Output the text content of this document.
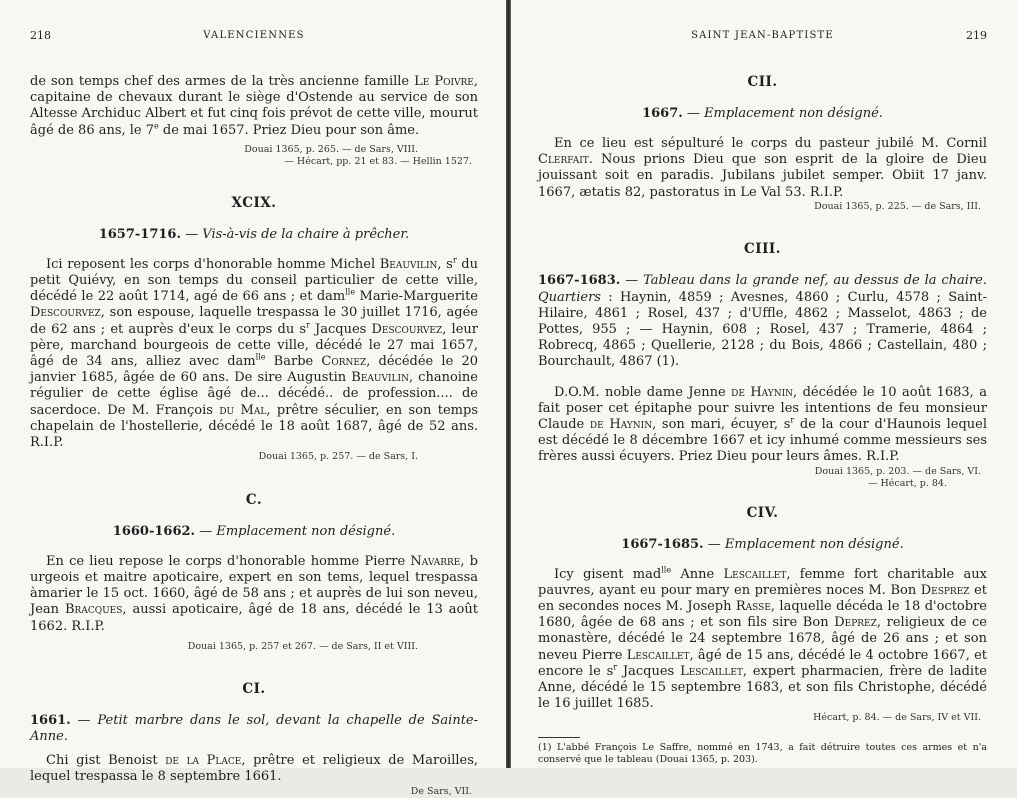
218	VALENCIENNES

de son temps chef des armes de la très ancienne famille Le Poivre, capitaine de chevaux durant le siège d'Ostende au service de son Altesse Archiduc Albert et fut cinq fois prévot de cette ville, mourut âgé de 86 ans, le 7e de mai 1657. Priez Dieu pour son âme.

Douai 1365, p. 265. — de Sars, VIII.
— Hécart, pp. 21 et 83. — Hellin 1527.
XCIX.
1657-1716. — Vis-à-vis de la chaire à prêcher.

Ici reposent les corps d'honorable homme Michel Beauvilin, $s^r$ du petit Quiévy, en son temps du conseil particulier de cette ville, décédé le 22 août 1714, agé de 66 ans ; et dam$^{lle}$ Marie-Marguerite Descourvez, son espouse, laquelle trespassa le 30 juillet 1716, agée de 62 ans ; et auprès d'eux le corps du $s^r$ Jacques Descourvez, leur père, marchand bourgeois de cette ville, décédé le 27 mai 1657, âgé de 34 ans, alliez avec dam$^{lle}$ Barbe Cornez, décédée le 20 janvier 1685, âgée de 60 ans. De sire Augustin Beauvilin, chanoine régulier de cette église âgé de... décédé.. de profession.... de sacerdoce. De M. François du Mal, prêtre séculier, en son temps chapelain de l'hostellerie, décédé le 18 août 1687, âgé de 52 ans. R.I.P.

Douai 1365, p. 257. — de Sars, I.
C.
1660-1662. — Emplacement non désigné.

En ce lieu repose le corps d'honorable homme Pierre Navarre, b urgeois et maitre apoticaire, expert en son tems, lequel trespassa àmarier le 15 oct. 1660, âgé de 58 ans ; et auprès de lui son neveu, Jean Bracques, aussi apoticaire, âgé de 18 ans, décédé le 13 août 1662. R.I.P.

Douai 1365, p. 257 et 267. — de Sars, II et VIII.
CI.
1661. — Petit marbre dans le sol, devant la chapelle de Sainte-Anne.

Chi gist Benoist de la Place, prêtre et religieux de Maroilles, lequel trespassa le 8 septembre 1661.

De Sars, VII.
SAINT JEAN-BAPTISTE	219
CII.
1667. — Emplacement non désigné.

En ce lieu est sépulturé le corps du pasteur jubilé M. Cornil Clerfait. Nous prions Dieu que son esprit de la gloire de Dieu jouissant soit en paradis. Jubilans jubilet semper. Obiit 17 janv. 1667, ætatis 82, pastoratus in Le Val 53. R.I.P.

Douai 1365, p. 225. — de Sars, III.
CIII.

1667-1683. — Tableau dans la grande nef, au dessus de la chaire. Quartiers : Haynin, 4859 ; Avesnes, 4860 ; Curlu, 4578 ; Saint-Hilaire, 4861 ; Rosel, 437 ; d'Uffle, 4862 ; Masselot, 4863 ; de Pottes, 955 ; — Haynin, 608 ; Rosel, 437 ; Tramerie, 4864 ; Robrecq, 4865 ; Quellerie, 2128 ; du Bois, 4866 ; Castellain, 480 ; Bourchault, 4867 (1).

D.O.M. noble dame Jenne de Haynin, décédée le 10 août 1683, a fait poser cet épitaphe pour suivre les intentions de feu monsieur Claude de Haynin, son mari, écuyer, $s^r$ de la cour d'Haunois lequel est décédé le 8 décembre 1667 et icy inhumé comme messieurs ses frères aussi écuyers. Priez Dieu pour leurs âmes. R.I.P.

Douai 1365, p. 203. — de Sars, VI.
— Hécart, p. 84.
CIV.
1667-1685. — Emplacement non désigné.

Icy gisent mad$^{lle}$ Anne Lescaillet, femme fort charitable aux pauvres, ayant eu pour mary en premières noces M. Bon Desprez et en secondes noces M. Joseph Rasse, laquelle décéda le 18 d'octobre 1680, âgée de 68 ans ; et son fils sire Bon Deprez, religieux de ce monastère, décédé le 24 septembre 1678, âgé de 26 ans ; et son neveu Pierre Lescaillet, âgé de 15 ans, décédé le 4 octobre 1667, et encore le $s^r$ Jacques Lescaillet, expert pharmacien, frère de ladite Anne, décédé le 15 septembre 1683, et son fils Christophe, décédé le 16 juillet 1685.

Hécart, p. 84. — de Sars, IV et VII.
(1) L'abbé François Le Saffre, nommé en 1743, a fait détruire toutes ces armes et n'a conservé que le tableau (Douai 1365, p. 203).
